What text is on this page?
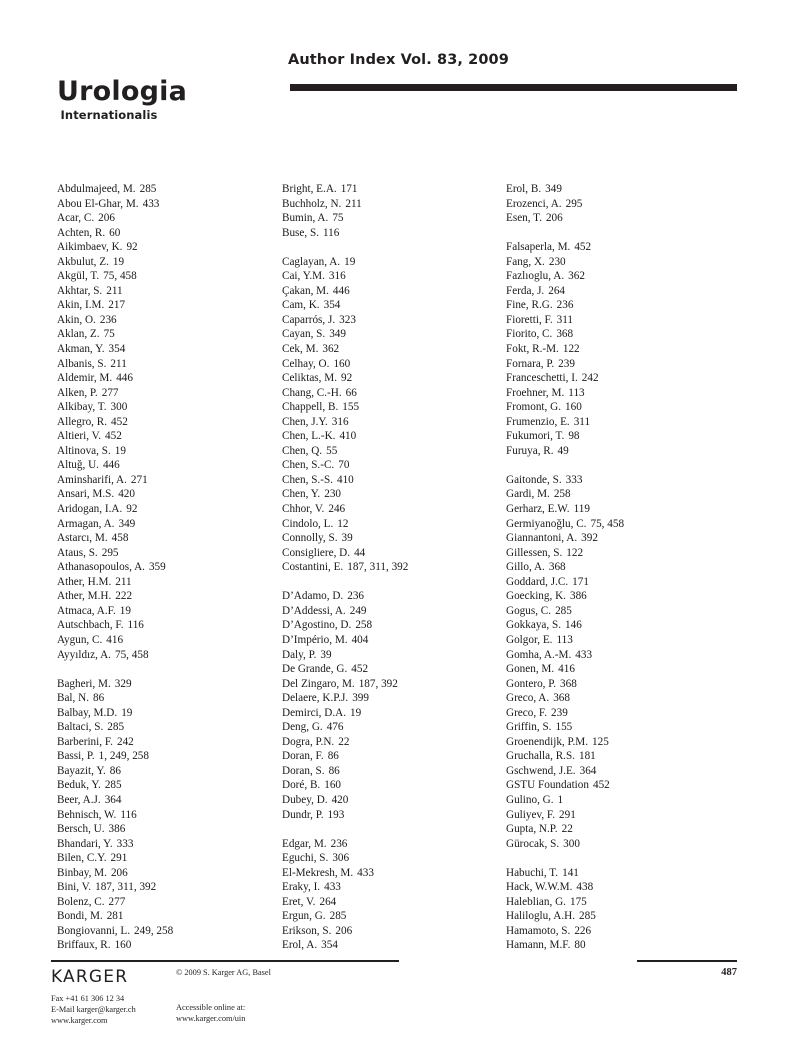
Urologia
Internationalis
Author Index Vol. 83, 2009
Abdulmajeed, M. 285
Abou El-Ghar, M. 433
Acar, C. 206
Achten, R. 60
Aikimbaev, K. 92
Akbulut, Z. 19
Akgül, T. 75, 458
Akhtar, S. 211
Akin, I.M. 217
Akin, O. 236
Aklan, Z. 75
Akman, Y. 354
Albanis, S. 211
Aldemir, M. 446
Alken, P. 277
Alkibay, T. 300
Allegro, R. 452
Altieri, V. 452
Altinova, S. 19
Altuğ, U. 446
Aminsharifi, A. 271
Ansari, M.S. 420
Aridogan, I.A. 92
Armagan, A. 349
Astarcı, M. 458
Ataus, S. 295
Athanasopoulos, A. 359
Ather, H.M. 211
Ather, M.H. 222
Atmaca, A.F. 19
Autschbach, F. 116
Aygun, C. 416
Ayyıldız, A. 75, 458
Bagheri, M. 329
Bal, N. 86
Balbay, M.D. 19
Baltaci, S. 285
Barberini, F. 242
Bassi, P. 1, 249, 258
Bayazit, Y. 86
Beduk, Y. 285
Beer, A.J. 364
Behnisch, W. 116
Bersch, U. 386
Bhandari, Y. 333
Bilen, C.Y. 291
Binbay, M. 206
Bini, V. 187, 311, 392
Bolenz, C. 277
Bondi, M. 281
Bongiovanni, L. 249, 258
Briffaux, R. 160
Bright, E.A. 171
Buchholz, N. 211
Bumin, A. 75
Buse, S. 116
Caglayan, A. 19
Cai, Y.M. 316
Çakan, M. 446
Cam, K. 354
Caparrós, J. 323
Cayan, S. 349
Cek, M. 362
Celhay, O. 160
Celiktas, M. 92
Chang, C.-H. 66
Chappell, B. 155
Chen, J.Y. 316
Chen, L.-K. 410
Chen, Q. 55
Chen, S.-C. 70
Chen, S.-S. 410
Chen, Y. 230
Chhor, V. 246
Cindolo, L. 12
Connolly, S. 39
Consigliere, D. 44
Costantini, E. 187, 311, 392
D’Adamo, D. 236
D’Addessi, A. 249
D’Agostino, D. 258
D’Império, M. 404
Daly, P. 39
De Grande, G. 452
Del Zingaro, M. 187, 392
Delaere, K.P.J. 399
Demirci, D.A. 19
Deng, G. 476
Dogra, P.N. 22
Doran, F. 86
Doran, S. 86
Doré, B. 160
Dubey, D. 420
Dundr, P. 193
Edgar, M. 236
Eguchi, S. 306
El-Mekresh, M. 433
Eraky, I. 433
Eret, V. 264
Ergun, G. 285
Erikson, S. 206
Erol, A. 354
Erol, B. 349
Erozenci, A. 295
Esen, T. 206
Falsaperla, M. 452
Fang, X. 230
Fazlıoglu, A. 362
Ferda, J. 264
Fine, R.G. 236
Fioretti, F. 311
Fiorito, C. 368
Fokt, R.-M. 122
Fornara, P. 239
Franceschetti, I. 242
Froehner, M. 113
Fromont, G. 160
Frumenzio, E. 311
Fukumori, T. 98
Furuya, R. 49
Gaitonde, S. 333
Gardi, M. 258
Gerharz, E.W. 119
Germiyanoğlu, C. 75, 458
Giannantoni, A. 392
Gillessen, S. 122
Gillo, A. 368
Goddard, J.C. 171
Goecking, K. 386
Gogus, C. 285
Gokkaya, S. 146
Golgor, E. 113
Gomha, A.-M. 433
Gonen, M. 416
Gontero, P. 368
Greco, A. 368
Greco, F. 239
Griffin, S. 155
Groenendijk, P.M. 125
Gruchalla, R.S. 181
Gschwend, J.E. 364
GSTU Foundation 452
Gulino, G. 1
Guliyev, F. 291
Gupta, N.P. 22
Gürocak, S. 300
Habuchi, T. 141
Hack, W.W.M. 438
Haleblian, G. 175
Haliloglu, A.H. 285
Hamamoto, S. 226
Hamann, M.F. 80
KARGER
Fax +41 61 306 12 34
E-Mail karger@karger.ch
www.karger.com
© 2009 S. Karger AG, Basel
Accessible online at:
www.karger.com/uin
487
